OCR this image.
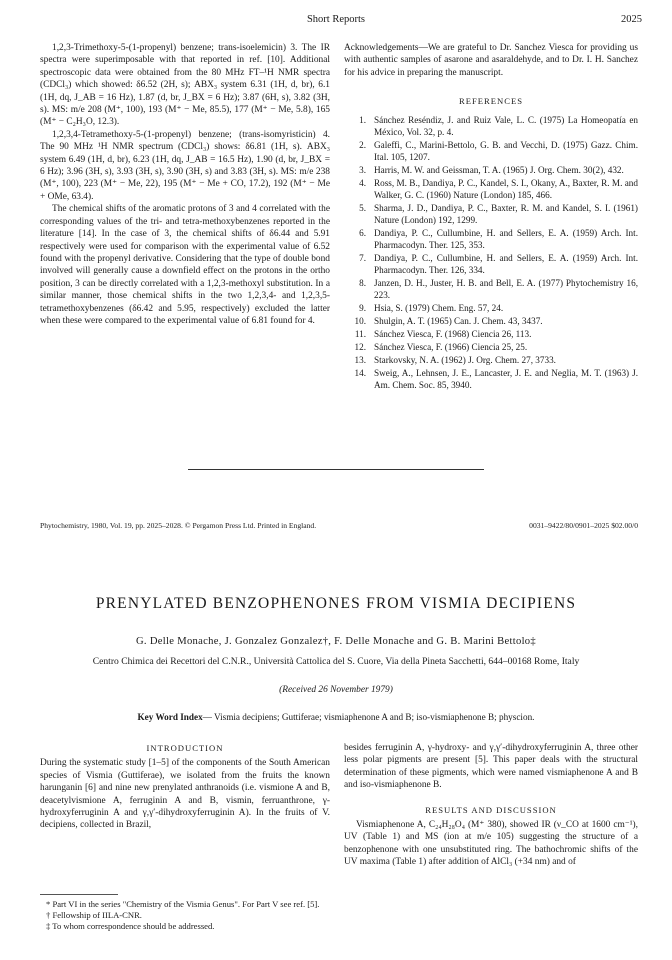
Short Reports	2025

1,2,3-Trimethoxy-5-(1-propenyl) benzene; trans-isoelemicin) 3. The IR spectra were superimposable with that reported in ref. [10]. Additional spectroscopic data were obtained from the 80 MHz FT–¹H NMR spectra (CDCl₃) which showed: δ6.52 (2H, s); ABX₃ system 6.31 (1H, d, br), 6.1 (1H, dq, J_AB = 16 Hz), 1.87 (d, br, J_BX = 6 Hz); 3.87 (6H, s), 3.82 (3H, s). MS: m/e 208 (M⁺, 100), 193 (M⁺ − Me, 85.5), 177 (M⁺ − Me, 5.8), 165 (M⁺ − C₂H₃O, 12.3).

1,2,3,4-Tetramethoxy-5-(1-propenyl) benzene; (trans-isomyristicin) 4. The 90 MHz ¹H NMR spectrum (CDCl₃) shows: δ6.81 (1H, s). ABX₃ system 6.49 (1H, d, br), 6.23 (1H, dq, J_AB = 16.5 Hz), 1.90 (d, br, J_BX = 6 Hz); 3.96 (3H, s), 3.93 (3H, s), 3.90 (3H, s) and 3.83 (3H, s). MS: m/e 238 (M⁺, 100), 223 (M⁺ − Me, 22), 195 (M⁺ − Me + CO, 17.2), 192 (M⁺ − Me + OMe, 63.4).

The chemical shifts of the aromatic protons of 3 and 4 correlated with the corresponding values of the tri- and tetra-methoxybenzenes reported in the literature [14]. In the case of 3, the chemical shifts of δ6.44 and 5.91 respectively were used for comparison with the experimental value of 6.52 found with the propenyl derivative. Considering that the type of double bond involved will generally cause a downfield effect on the protons in the ortho position, 3 can be directly correlated with a 1,2,3-methoxyl substitution. In a similar manner, those chemical shifts in the two 1,2,3,4- and 1,2,3,5-tetramethoxybenzenes (δ6.42 and 5.95, respectively) excluded the latter when these were compared to the experimental value of 6.81 found for 4.

Acknowledgements—We are grateful to Dr. Sanchez Viesca for providing us with authentic samples of asarone and asaraldehyde, and to Dr. I. H. Sanchez for his advice in preparing the manuscript.

REFERENCES
1. Sánchez Reséndiz, J. and Ruiz Vale, L. C. (1975) La Homeopatía en México, Vol. 32, p. 4.
2. Galeffi, C., Marini-Bettolo, G. B. and Vecchi, D. (1975) Gazz. Chim. Ital. 105, 1207.
3. Harris, M. W. and Geissman, T. A. (1965) J. Org. Chem. 30(2), 432.
4. Ross, M. B., Dandiya, P. C., Kandel, S. I., Okany, A., Baxter, R. M. and Walker, G. C. (1960) Nature (London) 185, 466.
5. Sharma, J. D., Dandiya, P. C., Baxter, R. M. and Kandel, S. I. (1961) Nature (London) 192, 1299.
6. Dandiya, P. C., Cullumbine, H. and Sellers, E. A. (1959) Arch. Int. Pharmacodyn. Ther. 125, 353.
7. Dandiya, P. C., Cullumbine, H. and Sellers, E. A. (1959) Arch. Int. Pharmacodyn. Ther. 126, 334.
8. Janzen, D. H., Juster, H. B. and Bell, E. A. (1977) Phytochemistry 16, 223.
9. Hsia, S. (1979) Chem. Eng. 57, 24.
10. Shulgin, A. T. (1965) Can. J. Chem. 43, 3437.
11. Sánchez Viesca, F. (1968) Ciencia 26, 113.
12. Sánchez Viesca, F. (1966) Ciencia 25, 25.
13. Starkovsky, N. A. (1962) J. Org. Chem. 27, 3733.
14. Sweig, A., Lehnsen, J. E., Lancaster, J. E. and Neglia, M. T. (1963) J. Am. Chem. Soc. 85, 3940.
Phytochemistry, 1980, Vol. 19, pp. 2025–2028. © Pergamon Press Ltd. Printed in England.	0031–9422/80/0901–2025 $02.00/0
PRENYLATED BENZOPHENONES FROM VISMIA DECIPIENS
G. Delle Monache, J. Gonzalez Gonzalez†, F. Delle Monache and G. B. Marini Bettolo‡
Centro Chimica dei Recettori del C.N.R., Università Cattolica del S. Cuore, Via della Pineta Sacchetti, 644–00168 Rome, Italy
(Received 26 November 1979)
Key Word Index— Vismia decipiens; Guttiferae; vismiaphenone A and B; iso-vismiaphenone B; physcion.
INTRODUCTION

During the systematic study [1–5] of the components of the South American species of Vismia (Guttiferae), we isolated from the fruits the known harunganin [6] and nine new prenylated anthranoids (i.e. vismione A and B, deacetylvismione A, ferruginin A and B, vismin, ferruanthrone, γ-hydroxyferruginin A and γ,γ′-dihydroxyferruginin A). In the fruits of V. decipiens, collected in Brazil,

besides ferruginin A, γ-hydroxy- and γ,γ′-dihydroxyferruginin A, three other less polar pigments are present [5]. This paper deals with the structural determination of these pigments, which were named vismiaphenone A and B and iso-vismiaphenone B.

RESULTS AND DISCUSSION

Vismiaphenone A, C₂₄H₂₈O₄ (M⁺ 380), showed IR (ν_CO at 1600 cm⁻¹), UV (Table 1) and MS (ion at m/e 105) suggesting the structure of a benzophenone with one unsubstituted ring. The bathochromic shifts of the UV maxima (Table 1) after addition of AlCl₃ (+34 nm) and of

* Part VI in the series "Chemistry of the Vismia Genus". For Part V see ref. [5].

† Fellowship of IILA-CNR.

‡ To whom correspondence should be addressed.
